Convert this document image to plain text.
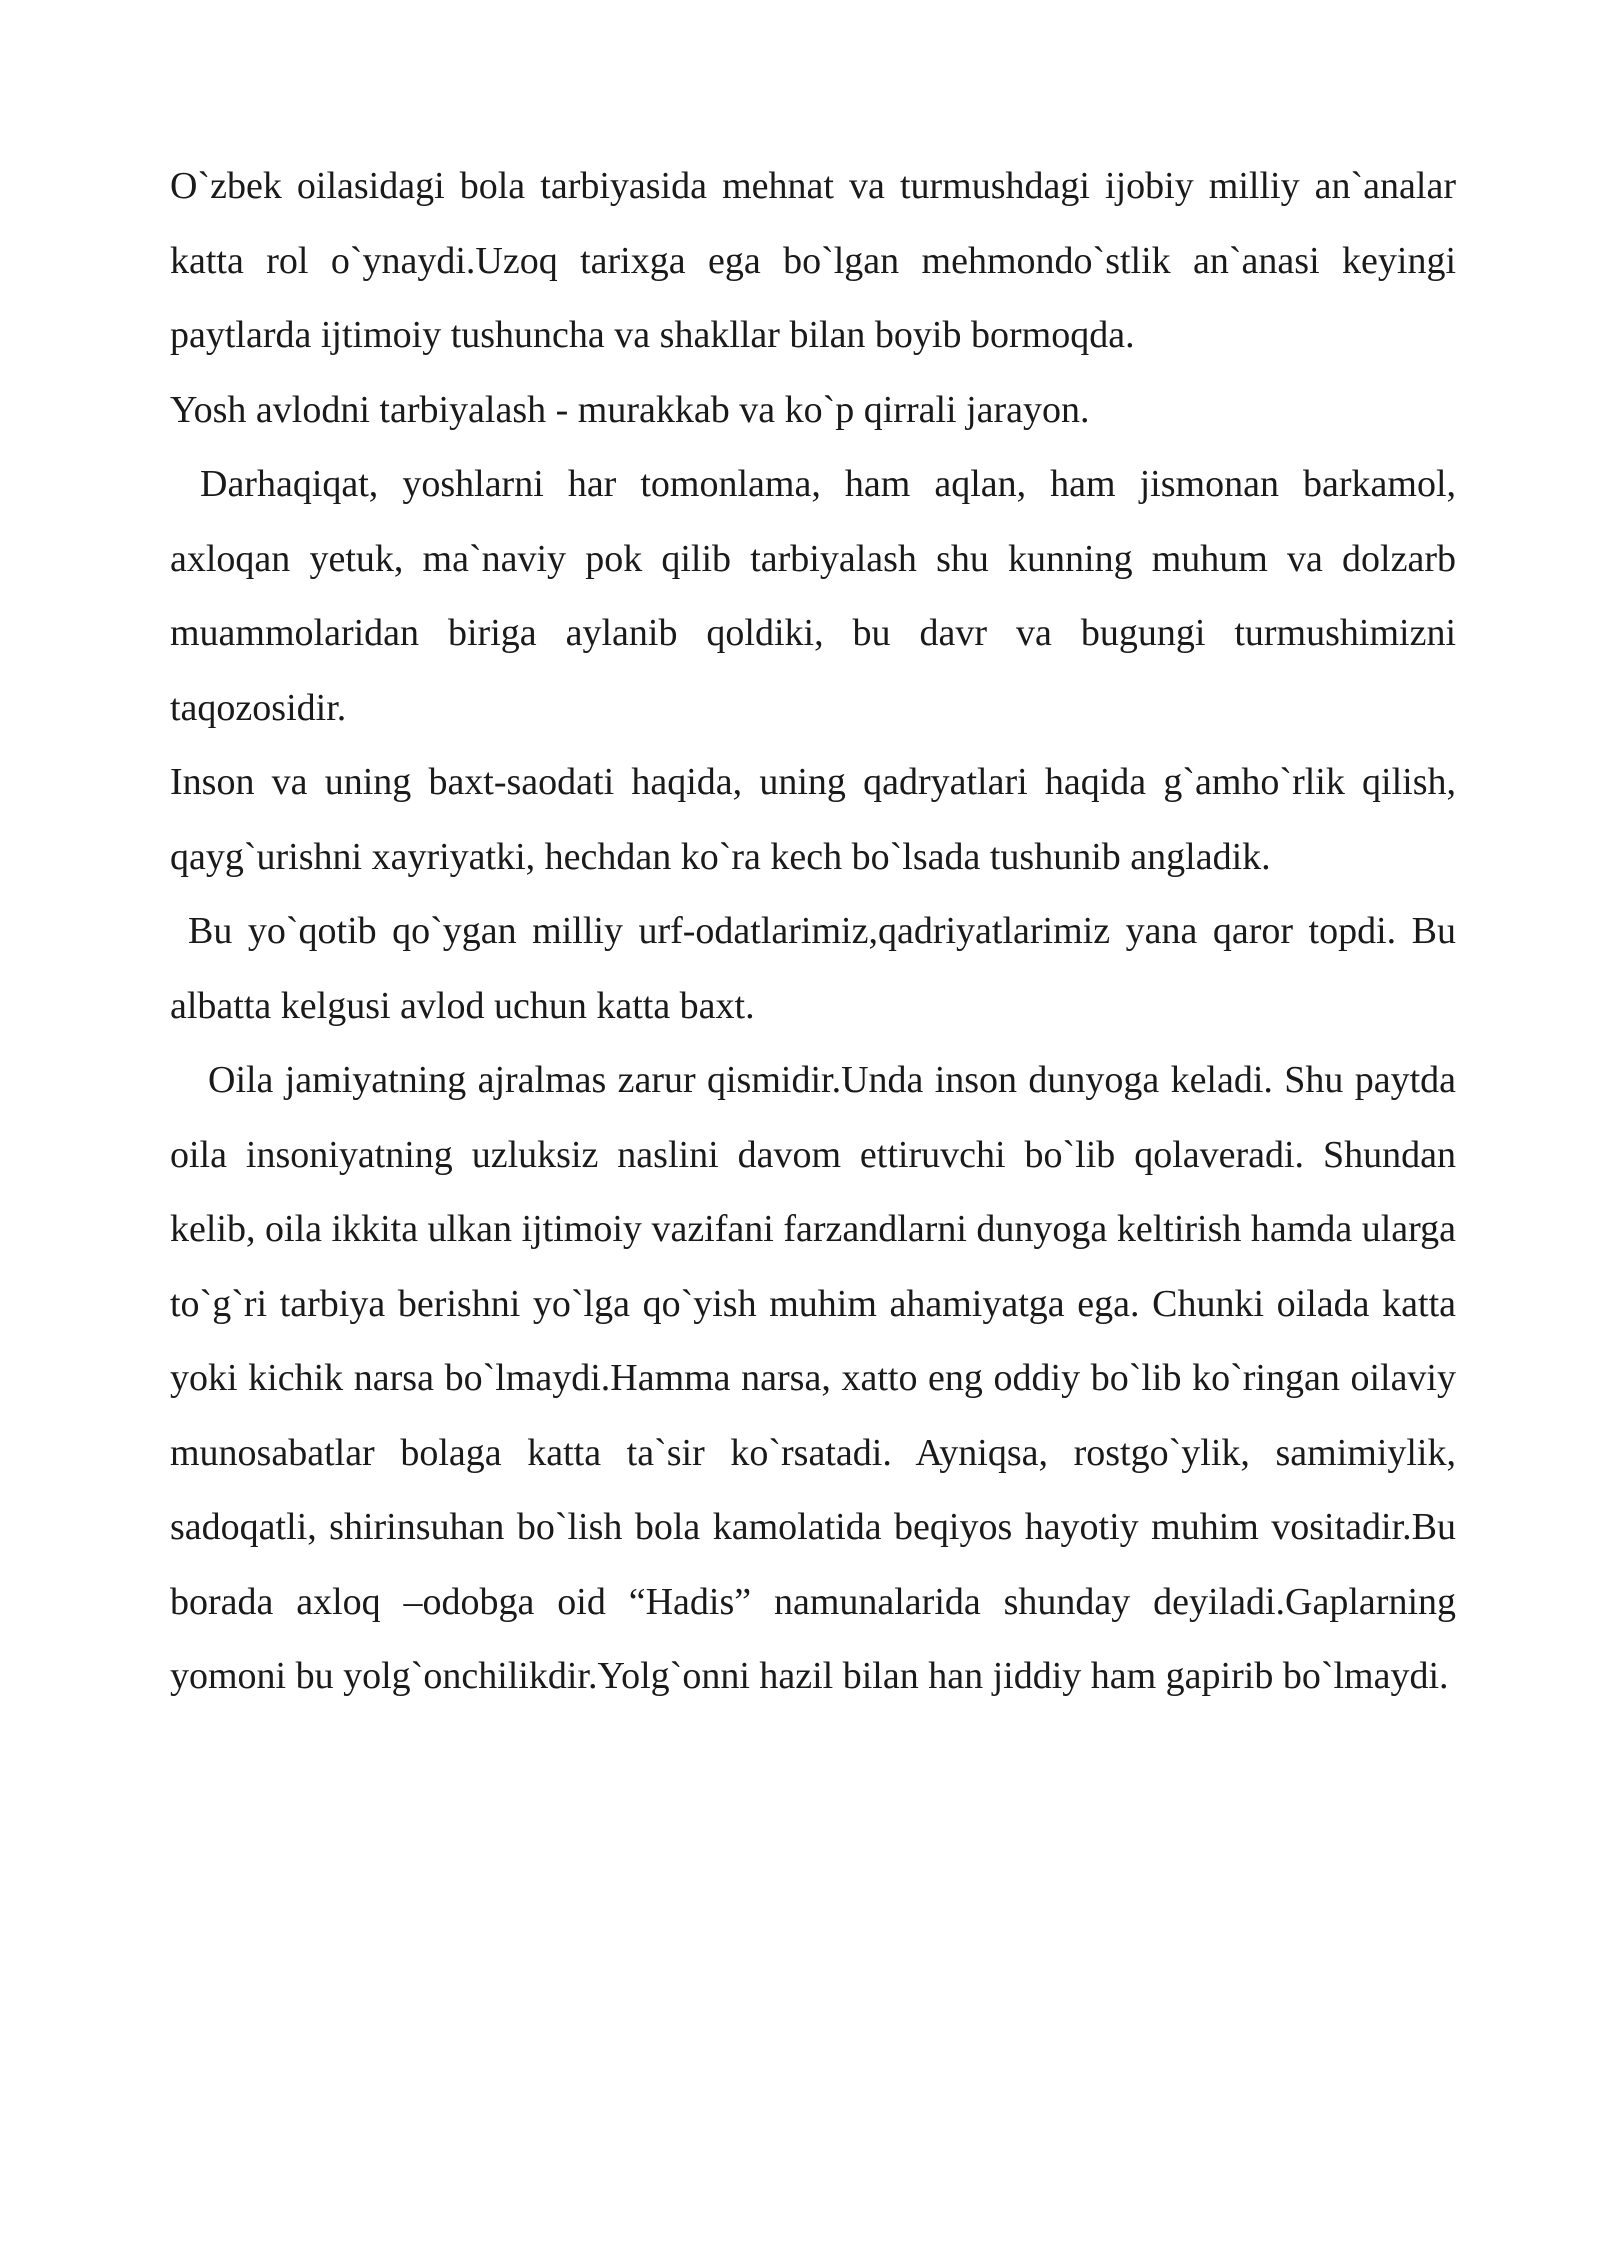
O`zbek oilasidagi bola tarbiyasida mehnat va turmushdagi ijobiy milliy an`analar katta rol o`ynaydi.Uzoq tarixga ega bo`lgan mehmondo`stlik an`anasi keyingi paytlarda ijtimoiy tushuncha va shakllar bilan boyib bormoqda.

Yosh avlodni tarbiyalash - murakkab va ko`p qirrali jarayon.

Darhaqiqat, yoshlarni har tomonlama, ham aqlan, ham jismonan barkamol, axloqan yetuk, ma`naviy pok qilib tarbiyalash shu kunning muhum va dolzarb muammolaridan biriga aylanib qoldiki, bu davr va bugungi turmushimizni taqozosidir.

Inson va uning baxt-saodati haqida, uning qadryatlari haqida g`amho`rlik qilish, qayg`urishni xayriyatki, hechdan ko`ra kech bo`lsada tushunib angladik.

Bu yo`qotib qo`ygan milliy urf-odatlarimiz,qadriyatlarimiz yana qaror topdi. Bu albatta kelgusi avlod uchun katta baxt.

Oila jamiyatning ajralmas zarur qismidir.Unda inson dunyoga keladi. Shu paytda oila insoniyatning uzluksiz naslini davom ettiruvchi bo`lib qolaveradi. Shundan kelib, oila ikkita ulkan ijtimoiy vazifani farzandlarni dunyoga keltirish hamda ularga to`g`ri tarbiya berishni yo`lga qo`yish muhim ahamiyatga ega. Chunki oilada katta yoki kichik narsa bo`lmaydi.Hamma narsa, xatto eng oddiy bo`lib ko`ringan oilaviy munosabatlar bolaga katta ta`sir ko`rsatadi. Ayniqsa, rostgo`ylik, samimiylik, sadoqatli, shirinsuhan bo`lish bola kamolatida beqiyos hayotiy muhim vositadir.Bu borada axloq –odobga oid “Hadis” namunalarida shunday deyiladi.Gaplarning yomoni bu yolg`onchilikdir.Yolg`onni hazil bilan han jiddiy ham gapirib bo`lmaydi.
